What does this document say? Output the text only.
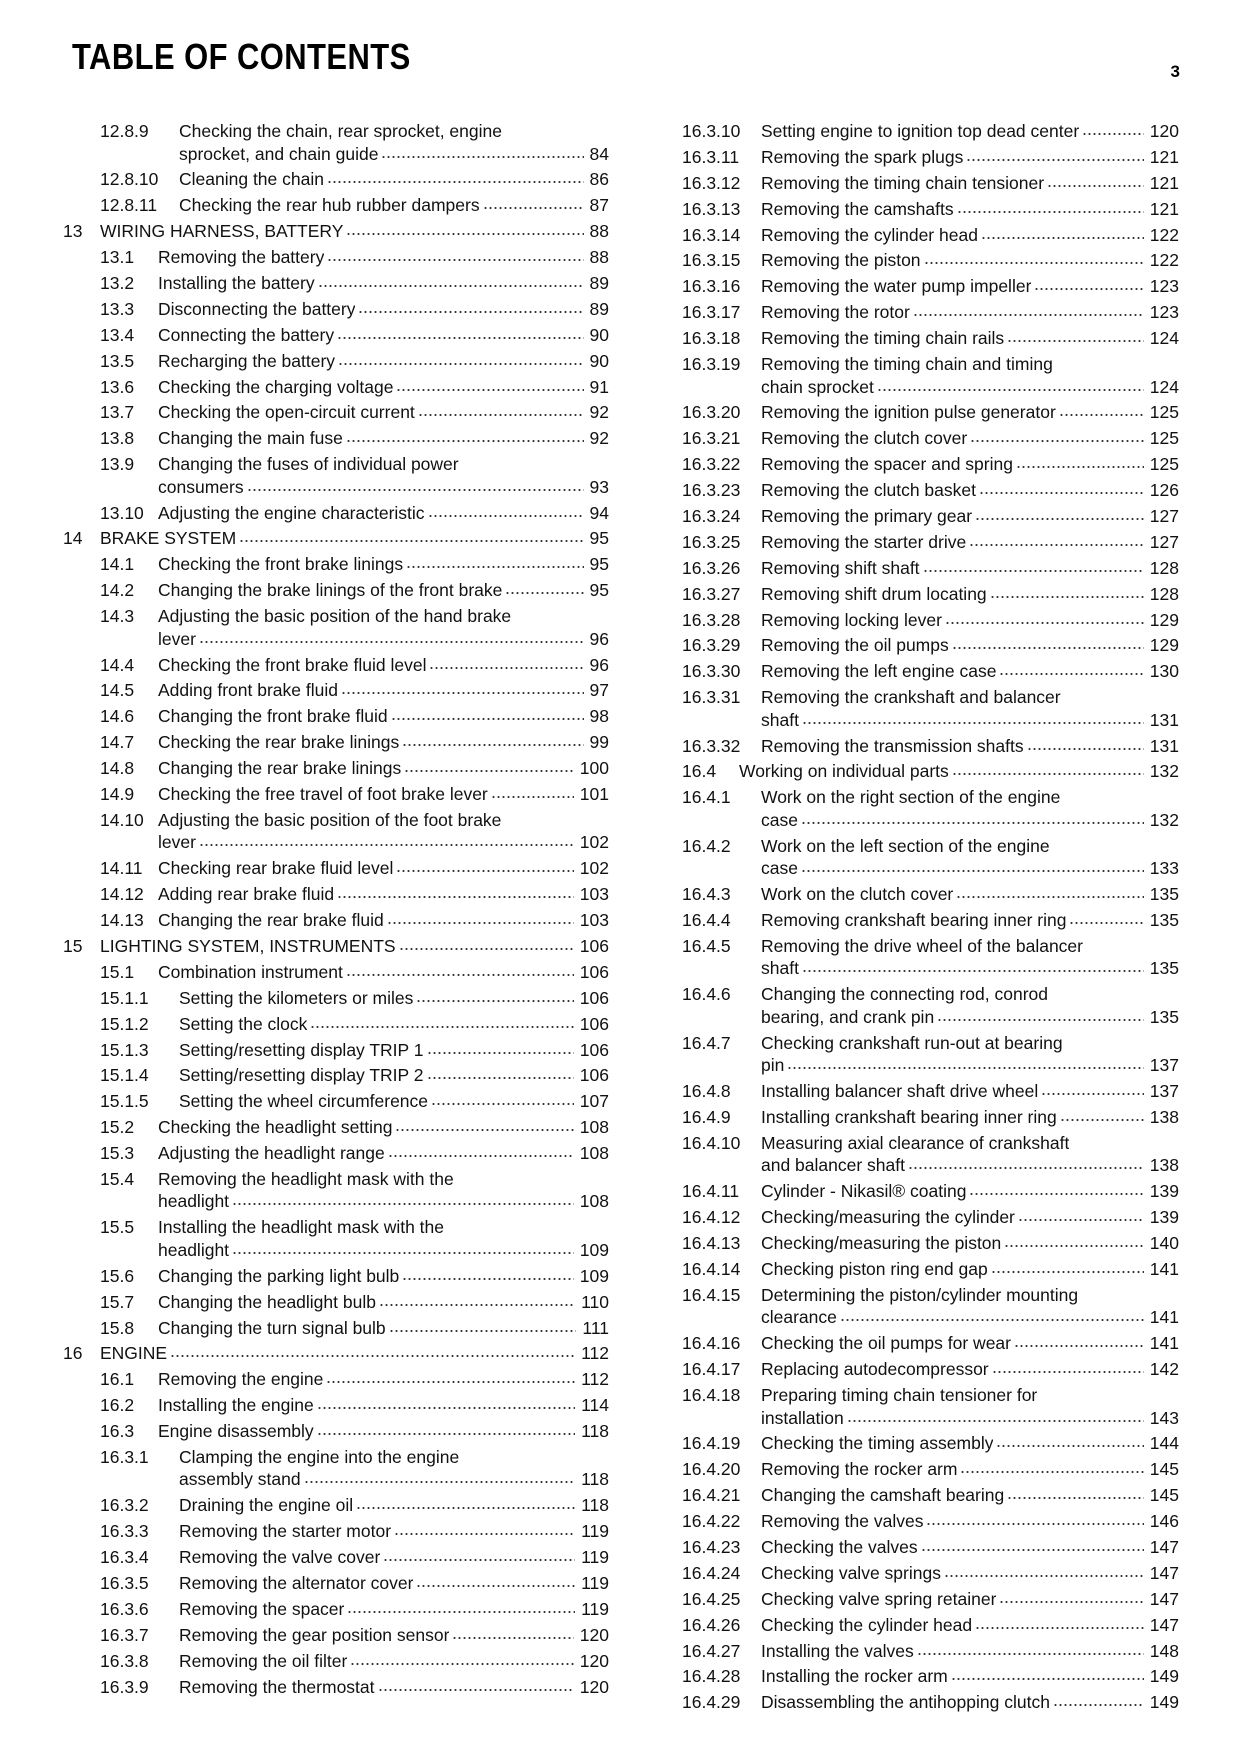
TABLE OF CONTENTS	3
12.8.9 Checking the chain, rear sprocket, engine
sprocket, and chain guide	84
12.8.10 Cleaning the chain	86
12.8.11 Checking the rear hub rubber dampers	87
13 WIRING HARNESS, BATTERY	88
13.1 Removing the battery	88
13.2 Installing the battery	89
13.3 Disconnecting the battery	89
13.4 Connecting the battery	90
13.5 Recharging the battery	90
13.6 Checking the charging voltage	91
13.7 Checking the open-circuit current	92
13.8 Changing the main fuse	92
13.9 Changing the fuses of individual power
consumers	93
13.10 Adjusting the engine characteristic	94
14 BRAKE SYSTEM	95
14.1 Checking the front brake linings	95
14.2 Changing the brake linings of the front brake	95
14.3 Adjusting the basic position of the hand brake
lever	96
14.4 Checking the front brake fluid level	96
14.5 Adding front brake fluid	97
14.6 Changing the front brake fluid	98
14.7 Checking the rear brake linings	99
14.8 Changing the rear brake linings	100
14.9 Checking the free travel of foot brake lever	101
14.10 Adjusting the basic position of the foot brake
lever	102
14.11 Checking rear brake fluid level	102
14.12 Adding rear brake fluid	103
14.13 Changing the rear brake fluid	103
15 LIGHTING SYSTEM, INSTRUMENTS	106
15.1 Combination instrument	106
15.1.1 Setting the kilometers or miles	106
15.1.2 Setting the clock	106
15.1.3 Setting/resetting display TRIP 1	106
15.1.4 Setting/resetting display TRIP 2	106
15.1.5 Setting the wheel circumference	107
15.2 Checking the headlight setting	108
15.3 Adjusting the headlight range	108
15.4 Removing the headlight mask with the
headlight	108
15.5 Installing the headlight mask with the
headlight	109
15.6 Changing the parking light bulb	109
15.7 Changing the headlight bulb	110
15.8 Changing the turn signal bulb	111
16 ENGINE	112
16.1 Removing the engine	112
16.2 Installing the engine	114
16.3 Engine disassembly	118
16.3.1 Clamping the engine into the engine
assembly stand	118
16.3.2 Draining the engine oil	118
16.3.3 Removing the starter motor	119
16.3.4 Removing the valve cover	119
16.3.5 Removing the alternator cover	119
16.3.6 Removing the spacer	119
16.3.7 Removing the gear position sensor	120
16.3.8 Removing the oil filter	120
16.3.9 Removing the thermostat	120
16.3.10 Setting engine to ignition top dead center	120
16.3.11 Removing the spark plugs	121
16.3.12 Removing the timing chain tensioner	121
16.3.13 Removing the camshafts	121
16.3.14 Removing the cylinder head	122
16.3.15 Removing the piston	122
16.3.16 Removing the water pump impeller	123
16.3.17 Removing the rotor	123
16.3.18 Removing the timing chain rails	124
16.3.19 Removing the timing chain and timing
chain sprocket	124
16.3.20 Removing the ignition pulse generator	125
16.3.21 Removing the clutch cover	125
16.3.22 Removing the spacer and spring	125
16.3.23 Removing the clutch basket	126
16.3.24 Removing the primary gear	127
16.3.25 Removing the starter drive	127
16.3.26 Removing shift shaft	128
16.3.27 Removing shift drum locating	128
16.3.28 Removing locking lever	129
16.3.29 Removing the oil pumps	129
16.3.30 Removing the left engine case	130
16.3.31 Removing the crankshaft and balancer
shaft	131
16.3.32 Removing the transmission shafts	131
16.4 Working on individual parts	132
16.4.1 Work on the right section of the engine
case	132
16.4.2 Work on the left section of the engine
case	133
16.4.3 Work on the clutch cover	135
16.4.4 Removing crankshaft bearing inner ring	135
16.4.5 Removing the drive wheel of the balancer
shaft	135
16.4.6 Changing the connecting rod, conrod
bearing, and crank pin	135
16.4.7 Checking crankshaft run-out at bearing
pin	137
16.4.8 Installing balancer shaft drive wheel	137
16.4.9 Installing crankshaft bearing inner ring	138
16.4.10 Measuring axial clearance of crankshaft
and balancer shaft	138
16.4.11 Cylinder - Nikasil® coating	139
16.4.12 Checking/measuring the cylinder	139
16.4.13 Checking/measuring the piston	140
16.4.14 Checking piston ring end gap	141
16.4.15 Determining the piston/cylinder mounting
clearance	141
16.4.16 Checking the oil pumps for wear	141
16.4.17 Replacing autodecompressor	142
16.4.18 Preparing timing chain tensioner for
installation	143
16.4.19 Checking the timing assembly	144
16.4.20 Removing the rocker arm	145
16.4.21 Changing the camshaft bearing	145
16.4.22 Removing the valves	146
16.4.23 Checking the valves	147
16.4.24 Checking valve springs	147
16.4.25 Checking valve spring retainer	147
16.4.26 Checking the cylinder head	147
16.4.27 Installing the valves	148
16.4.28 Installing the rocker arm	149
16.4.29 Disassembling the antihopping clutch	149
